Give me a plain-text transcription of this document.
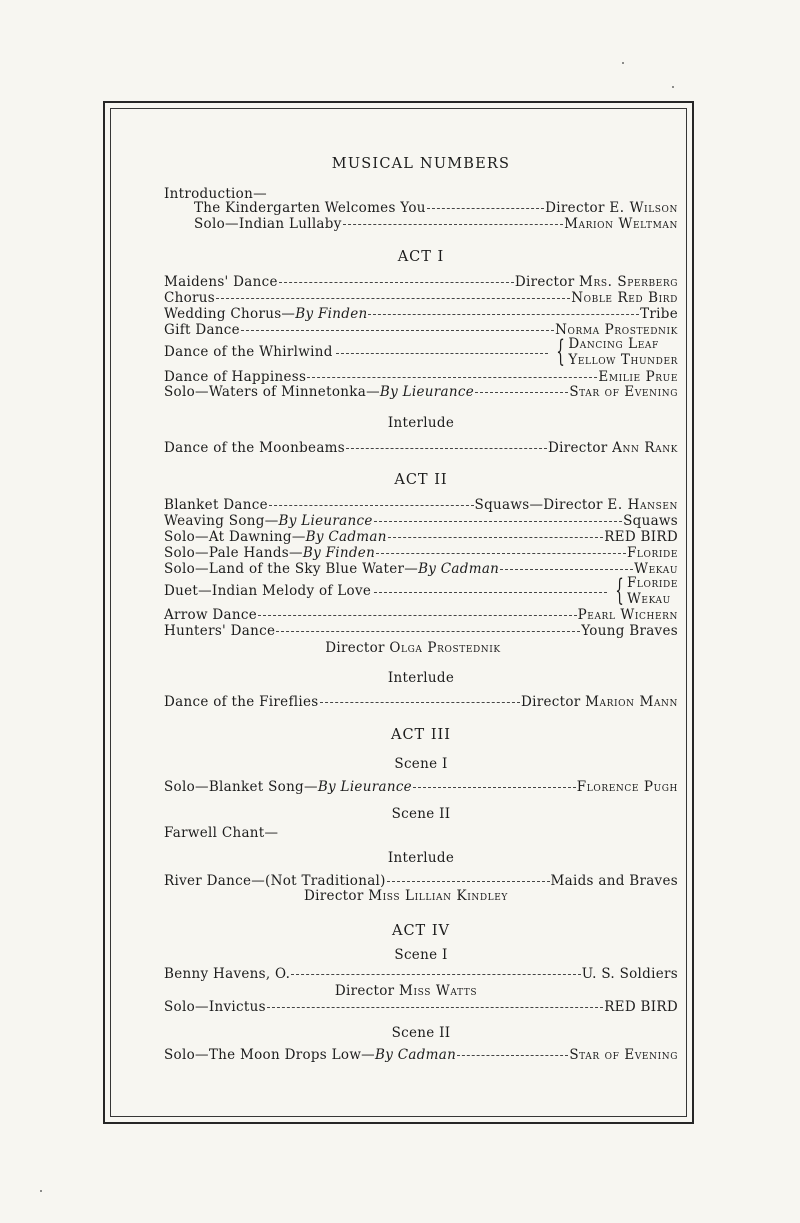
MUSICAL NUMBERS
Introduction—
The Kindergarten Welcomes You	Director E. Wilson
Solo—Indian Lullaby	Marion Weltman
ACT I
Maidens' Dance	Director Mrs. Sperberg
Chorus	Noble Red Bird
Wedding Chorus—By Finden	Tribe
Gift Dance	Norma Prostednik
Dance of the Whirlwind	{ Dancing Leaf
Yellow Thunder
Dance of Happiness	Emilie Prue
Solo—Waters of Minnetonka—By Lieurance	Star of Evening
Interlude
Dance of the Moonbeams	Director Ann Rank
ACT II
Blanket Dance	Squaws—Director E. Hansen
Weaving Song—By Lieurance	Squaws
Solo—At Dawning—By Cadman	RED BIRD
Solo—Pale Hands—By Finden	Floride
Solo—Land of the Sky Blue Water—By Cadman	Wekau
Duet—Indian Melody of Love	{ Floride
Wekau
Arrow Dance	Pearl Wichern
Hunters' Dance	Young Braves
Director Olga Prostednik
Interlude
Dance of the Fireflies	Director Marion Mann
ACT III
Scene I
Solo—Blanket Song—By Lieurance	Florence Pugh
Scene II
Farwell Chant—
Interlude
River Dance—(Not Traditional)	Maids and Braves
Director Miss Lillian Kindley
ACT IV
Scene I
Benny Havens, O.	U. S. Soldiers
Director Miss Watts
Solo—Invictus	RED BIRD
Scene II
Solo—The Moon Drops Low—By Cadman	Star of Evening
